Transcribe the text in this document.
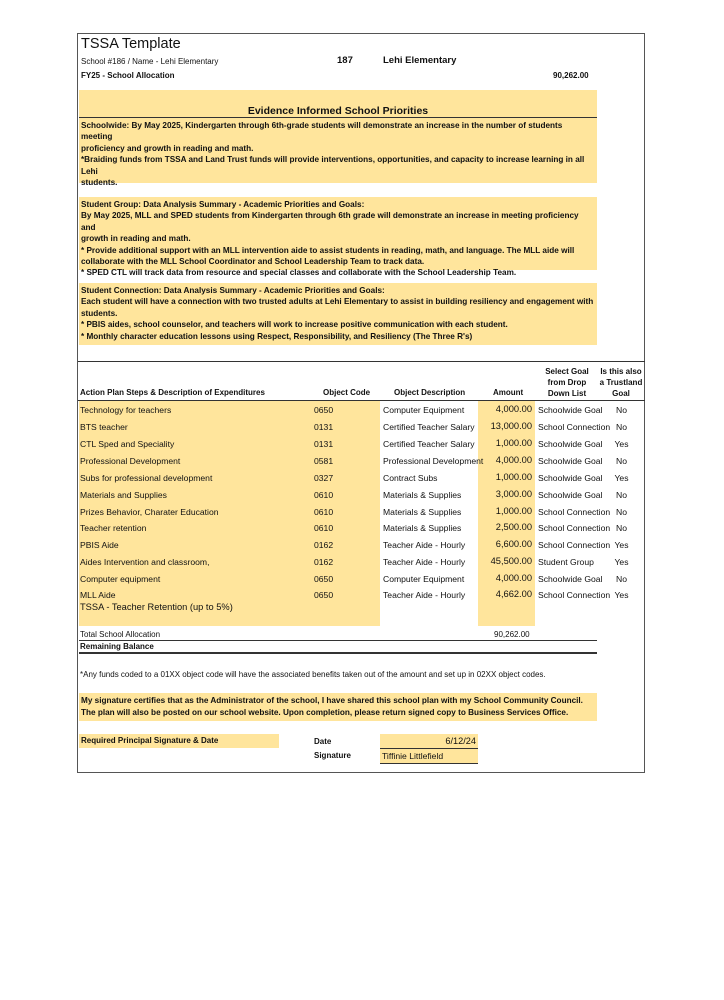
TSSA Template
School #186 / Name - Lehi Elementary	187	Lehi Elementary
FY25 - School Allocation	90,262.00
Evidence Informed School Priorities
Schoolwide: By May 2025, Kindergarten through 6th-grade students will demonstrate an increase in the number of students meeting
proficiency and growth in reading and math.
*Braiding funds from TSSA and Land Trust funds will provide interventions, opportunities, and capacity to increase learning in all Lehi
students.
Student Group: Data Analysis Summary - Academic Priorities and Goals:
By May 2025, MLL and SPED students from Kindergarten through 6th grade will demonstrate an increase in meeting proficiency and
growth in reading and math.
* Provide additional support with an MLL intervention aide to assist students in reading, math, and language. The MLL aide will
collaborate with the MLL School Coordinator and School Leadership Team to track data.
* SPED CTL will track data from resource and special classes and collaborate with the School Leadership Team.
Student Connection: Data Analysis Summary - Academic Priorities and Goals:
Each student will have a connection with two trusted adults at Lehi Elementary to assist in building resiliency and engagement with
students.
* PBIS aides, school counselor, and teachers will work to increase positive communication with each student.
* Monthly character education lessons using Respect, Responsibility, and Resiliency (The Three R's)
Action Plan Steps & Description of Expenditures	Object Code	Object Description	Amount
Select Goal
from Drop
Down List
Is this also
a Trustland
Goal
Technology for teachers	0650	Computer Equipment	4,000.00 Schoolwide Goal	No
BTS teacher	0131	Certified Teacher Salary	13,000.00 School Connection No
CTL Sped and Speciality	0131	Certified Teacher Salary	1,000.00 Schoolwide Goal	Yes
Professional Development	0581	Professional Development	4,000.00 Schoolwide Goal	No
Subs for professional development	0327	Contract Subs	1,000.00 Schoolwide Goal	Yes
Materials and Supplies	0610	Materials & Supplies	3,000.00 Schoolwide Goal	No
Prizes Behavior, Charater Education	0610	Materials & Supplies	1,000.00 School Connection No
Teacher retention	0610	Materials & Supplies	2,500.00 School Connection No
PBIS Aide	0162	Teacher Aide - Hourly	6,600.00 School Connection Yes
Aides Intervention and classroom,	0162	Teacher Aide - Hourly	45,500.00 Student Group	Yes
Computer equipment	0650	Computer Equipment	4,000.00 Schoolwide Goal	No
MLL Aide	0650	Teacher Aide - Hourly	4,662.00 School Connection Yes
TSSA - Teacher Retention (up to 5%)
Total School Allocation	90,262.00
Remaining Balance
*Any funds coded to a 01XX object code will have the associated benefits taken out of the amount and set up in 02XX object codes.
My signature certifies that as the Administrator of the school, I have shared this school plan with my School Community Council.
The plan will also be posted on our school website. Upon completion, please return signed copy to Business Services Office.
Required Principal Signature & Date	Date	6/12/24
Signature	Tiffinie Littlefield
